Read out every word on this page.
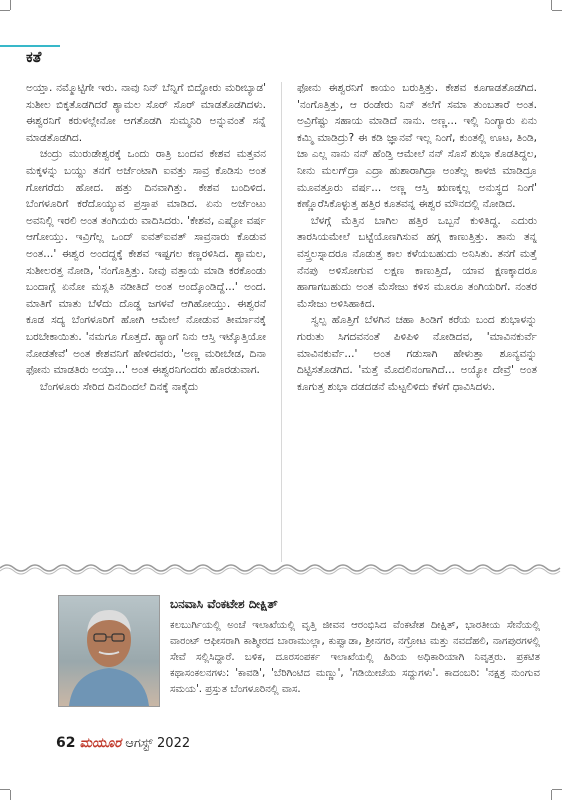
ಕತೆ

ಅಯ್ತಾ. ನಮ್ಮೊಟ್ಟಿಗೇ ಇರು. ನಾವು ನಿನ್ ಬೆನ್ನಿಗೆ ಬಿದ್ದೋರು ಮರೀಬ್ಯಾಡ' ಸುಶೀಲ ಬಿಕ್ಕತೊಡಗಿದರೆ ಶ್ಯಾಮಲ ಸೊರ್ ಸೊರ್ ಮಾಡತೊಡಗಿದಳು. ಈಶ್ವರನಿಗೆ ಕರುಳಲ್ಲೇನೋ ಆಗತೊಡಗಿ ಸುಮ್ಮನಿರಿ ಅನ್ನುವಂತೆ ಸನ್ನೆ ಮಾಡತೊಡಗಿದ.

ಚಂದ್ರು ಮುರುಡೇಶ್ವರಕ್ಕೆ ಒಂದು ರಾತ್ರಿ ಬಂದವ ಕೇಶವ ಮತ್ತವನ ಮಕ್ಕಳನ್ನು ಬಯ್ದು ತನಗೆ ಅರ್ಜೆಂಟಾಗಿ ಐವತ್ತು ಸಾವ್ರ ಕೊಡಿಸು ಅಂತ ಗೋಗರೆದು ಹೋದ. ಹತ್ತು ದಿನವಾಗಿತ್ತು. ಕೇಶವ ಬಂದಿಳಿದ. ಬೆಂಗಳೂರಿಗೆ ಕರೆದೊಯ್ಯುವ ಪ್ರಸ್ತಾಪ ಮಾಡಿದ. ಏನು ಅರ್ಜೆಂಟು ಅವನಿಲ್ಲಿ ಇರಲಿ ಅಂತ ತಂಗಿಯರು ವಾದಿಸಿದರು. 'ಕೇಶವ, ಎಷ್ಟೋ ವರ್ಷ ಆಗೋಯ್ತು. ಇವ್ರಿಗೆಲ್ಲ ಒಂದ್ ಐವತ್‌ಐವತ್ ಸಾವ್ರನಾರು ಕೊಡುವ ಅಂತ...' ಈಶ್ವರ ಅಂದದ್ದಕ್ಕೆ ಕೇಶವ ಇಷ್ಟಗಲ ಕಣ್ಣರಳಿಸಿದ. ಶ್ಯಾಮಲ, ಸುಶೀಲರತ್ತ ನೋಡಿ, 'ನಂಗೊತ್ತಿತ್ತು. ನೀವು ವತ್ತಾಯ ಮಾಡಿ ಕರಕೊಂಡು ಬಂದಾಗ್ಲೆ ಏನೋ ಮಸ್ಲತಿ ನಡೀತಿದೆ ಅಂತ ಅಂದ್ಕೊಂಡಿದ್ದೆ...' ಅಂದ. ಮಾತಿಗೆ ಮಾತು ಬೆಳೆದು ದೊಡ್ಡ ಜಗಳವೆ ಆಗಿಹೋಯ್ತು. ಈಶ್ವರನೆ ಕೂಡ ಸದ್ಯ ಬೆಂಗಳೂರಿಗೆ ಹೋಗಿ ಆಮೇಲೆ ನೋಡುವ ತೀರ್ಮಾನಕ್ಕೆ ಬರಬೇಕಾಯಿತು. 'ನಮಗೂ ಗೊತ್ತದೆ. ಹ್ಯಾಂಗೆ ನಿನು ಆಸ್ತಿ ಇಟ್ಕೊತ್ತಿಯೋ ನೋಡತೇವೆ' ಅಂತ ಕೇಶವನಿಗೆ ಹೇಳಿದವರು, 'ಅಣ್ಣ ಮರೀಬೇಡ, ದಿನಾ ಫೋನು ಮಾಡತಿರು ಅಯ್ತಾ...' ಅಂತ ಈಶ್ವರನಿಗಂದರು ಹೊರಡುವಾಗ.

ಬೆಂಗಳೂರು ಸೇರಿದ ದಿನದಿಂದಲೆ ದಿನಕ್ಕೆ ನಾಕೈದು

ಫೋನು ಈಶ್ವರನಿಗೆ ಕಾಯಂ ಬರುತ್ತಿತ್ತು. ಕೇಶವ ಕೂಗಾಡತೊಡಗಿದ. 'ನಂಗೊತ್ತಿತ್ತು, ಆ ರಂಡೇರು ನಿನ್ ತಲೆಗೆ ಸಮಾ ತುಂಬತಾರೆ ಅಂತ. ಅವ್ರಿಗೆಷ್ಟು ಸಹಾಯ ಮಾಡಿದೆ ನಾನು. ಅಣ್ಣ... ಇಲ್ಲಿ ನಿಂಗ್ಯಾರು ಏನು ಕಮ್ಮಿ ಮಾಡಿದ್ರು? ಈ ಕಡಿ ಜ್ಞಾನವೆ ಇಲ್ಲ ನಿಂಗೆ, ಕುಂತಲ್ಲಿ ಊಟ, ತಿಂಡಿ, ಚಾ ಎಲ್ಲ ನಾನು ನನ್ ಹೆಂಡ್ತಿ ಆಮೇಲೆ ನನ್ ಸೊಸೆ ಶುಭಾ ಕೊಡತಿದ್ದಲ, ನೀನು ಮಲಗ್‌ದ್ರಾ ಎದ್ರಾ ಹುಶಾರಾಗಿದ್ರಾ ಅಂತೆಲ್ಲ ಕಾಳಜಿ ಮಾಡಿದ್ರೂ ಮೂವತ್ತೂರು ವರ್ಷ... ಅಣ್ಣ ಆಸ್ತಿ ಋಣಕ್ಕಲ್ಲ ಅನುಸ್ಥದ ನಿಂಗೆ' ಕಣ್ಣೊರೆಸಿಕೊಳ್ಳುತ್ತ ಹತ್ತಿರ ಕೂತವನ್ನ ಈಶ್ವರ ಮೌನದಲ್ಲಿ ನೋಡಿದ.

ಬೆಳಗ್ಗೆ ಮೆತ್ತಿನ ಬಾಗಿಲ ಹತ್ತಿರ ಒಬ್ಬನೆ ಕುಳಿತಿದ್ದ. ಎದುರು ತಾರಸಿಯಮೇಲೆ ಬಟ್ಟೆಯೊಣಗಿಸುವ ಹಗ್ಗ ಕಾಣುತ್ತಿತ್ತು. ತಾನು ತನ್ನ ವಸ್ತ್ರಲಸ್ನಾದರೂ ನೊಡುತ್ತ ಕಾಲ ಕಳೆಯಬಹುದು ಅನಿಸಿತು. ತನಗೆ ಮತ್ತೆ ನೆನಪು ಅಳಿಸೋಗುವ ಲಕ್ಷಣ ಕಾಣುತ್ತಿದೆ, ಯಾವ ಕ್ಷಣಕ್ಕಾದರೂ ಹಾಗಾಗಬಹುದು ಅಂತ ಮೆಸೇಜು ಕಳಿಸ ಮೂರೂ ತಂಗಿಯರಿಗೆ. ನಂತರ ಮೆಸೇಜು ಅಳಿಸಿಹಾಕಿದ.

ಸ್ವಲ್ಪ ಹೊತ್ತಿಗೆ ಬೆಳಗಿನ ಚಹಾ ತಿಂಡಿಗೆ ಕರೆಯ ಬಂದ ಶುಭಾಳನ್ನು ಗುರುತು ಸಿಗದವನಂತೆ ಪಿಳಿಪಿಳಿ ನೋಡಿದವ, 'ಮಾವಿನಕುರ್ವೆ ಮಾವಿನಕುರ್ವೆ...' ಅಂತ ಗಡುಸಾಗಿ ಹೇಳುತ್ತಾ ಶೂನ್ಯವನ್ನು ದಿಟ್ಟಿಸತೊಡಗಿದ. 'ಮತ್ತೆ ಮೊದಲಿನಂಗಾಗಿದೆ... ಅಯ್ಯೋ ದೇವ್ರೆ' ಅಂತ ಕೂಗುತ್ತ ಶುಭಾ ದಡದಡನೆ ಮೆಟ್ಟಲಿಳಿದು ಕೆಳಗೆ ಧಾವಿಸಿದಳು.

ಬನವಾಸಿ ವೆಂಕಟೇಶ ದೀಕ್ಷಿತ್
ಕಲಬುರ್ಗಿಯಲ್ಲಿ ಅಂಚೆ ಇಲಾಖೆಯಲ್ಲಿ ವೃತ್ತಿ ಜೀವನ ಆರಂಭಿಸಿದ ವೆಂಕಟೇಶ ದೀಕ್ಷಿತ್, ಭಾರತೀಯ ಸೇನೆಯಲ್ಲಿ ವಾರಂಟ್ ಆಫೀಸರಾಗಿ ಕಾಶ್ಮೀರದ ಬಾರಾಮುಲ್ಲಾ, ಕುಪ್ವಾಡಾ, ಶ್ರೀನಗರ, ನಗ್ರೋಟ ಮತ್ತು ನವದೆಹಲಿ, ನಾಗಪುರಗಳಲ್ಲಿ ಸೇವೆ ಸಲ್ಲಿಸಿದ್ದಾರೆ. ಬಳಿಕ, ದೂರಸಂಪರ್ಕ ಇಲಾಖೆಯಲ್ಲಿ ಹಿರಿಯ ಅಧಿಕಾರಿಯಾಗಿ ನಿವೃತ್ತರು. ಪ್ರಕಟಿತ ಕಥಾಸಂಕಲನಗಳು: 'ಕಾವಡಿ', 'ಬೆರಿಗಿಂಟಿದ ಮಣ್ಣು', 'ಗಡಿಯೀಚೆಯ ಸದ್ದುಗಳು'. ಕಾದಂಬರಿ: 'ನಕ್ಷತ್ರ ನುಂಗುವ ಸಮಯ'. ಪ್ರಸ್ತುತ ಬೆಂಗಳೂರಿನಲ್ಲಿ ವಾಸ.
62 ಮಯೂರ ಆಗಸ್ಟ್ 2022
